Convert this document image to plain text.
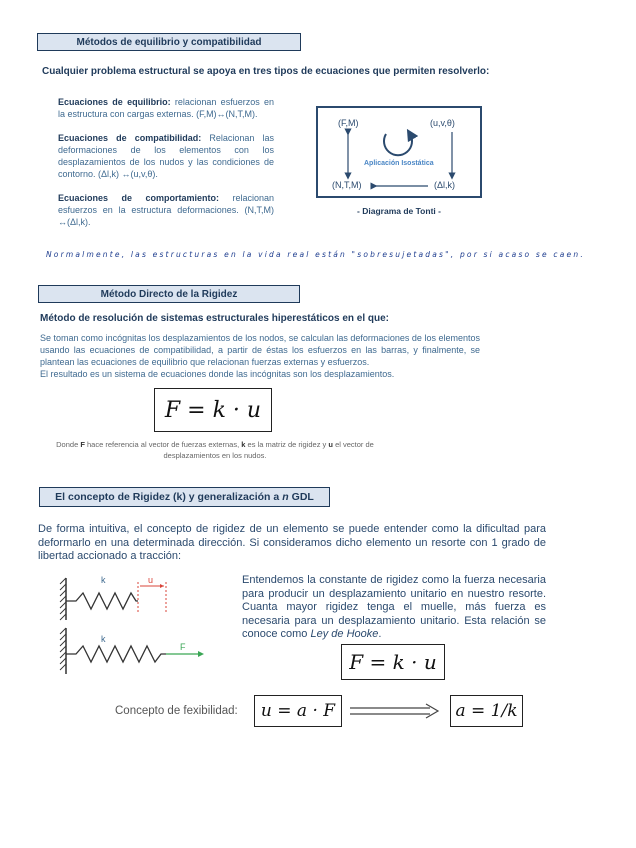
Métodos de equilibrio y compatibilidad
Cualquier problema estructural se apoya en tres tipos de ecuaciones que permiten resolverlo:
Ecuaciones de equilibrio: relacionan esfuerzos en la estructura con cargas externas. (F,M)↔(N,T,M).
Ecuaciones de compatibilidad: Relacionan las deformaciones de los elementos con los desplazamientos de los nudos y las condiciones de contorno. (Δl,k) ↔(u,v,θ).
Ecuaciones de comportamiento: relacionan esfuerzos en la estructura deformaciones. (N,T,M) ↔(Δl,k).
(F,M)	(u,v,θ)
(N,T,M)	(Δl,k)
Aplicación Isostática
- Diagrama de Tonti -
Normalmente, las estructuras en la vida real están "sobresujetadas", por si acaso se caen.
Método Directo de la Rigidez
Método de resolución de sistemas estructurales hiperestáticos en el que:
Se toman como incógnitas los desplazamientos de los nodos, se calculan las deformaciones de los elementos usando las ecuaciones de compatibilidad, a partir de éstas los esfuerzos en las barras, y finalmente, se plantean las ecuaciones de equilibrio que relacionan fuerzas externas y esfuerzos.
El resultado es un sistema de ecuaciones donde las incógnitas son los desplazamientos.
F = k · u
Donde F hace referencia al vector de fuerzas externas, k es la matriz de rigidez y u el vector de desplazamientos en los nudos.
El concepto de Rigidez (k) y generalización a n GDL
De forma intuitiva, el concepto de rigidez de un elemento se puede entender como la dificultad para deformarlo en una determinada dirección. Si consideramos dicho elemento un resorte con 1 grado de libertad accionado a tracción:
k	u
k
F
Entendemos la constante de rigidez como la fuerza necesaria para producir un desplazamiento unitario en nuestro resorte. Cuanta mayor rigidez tenga el muelle, más fuerza es necesaria para un desplazamiento unitario. Esta relación se conoce como Ley de Hooke.
F = k · u
Concepto de fexibilidad: u = a · F	a = 1/k
